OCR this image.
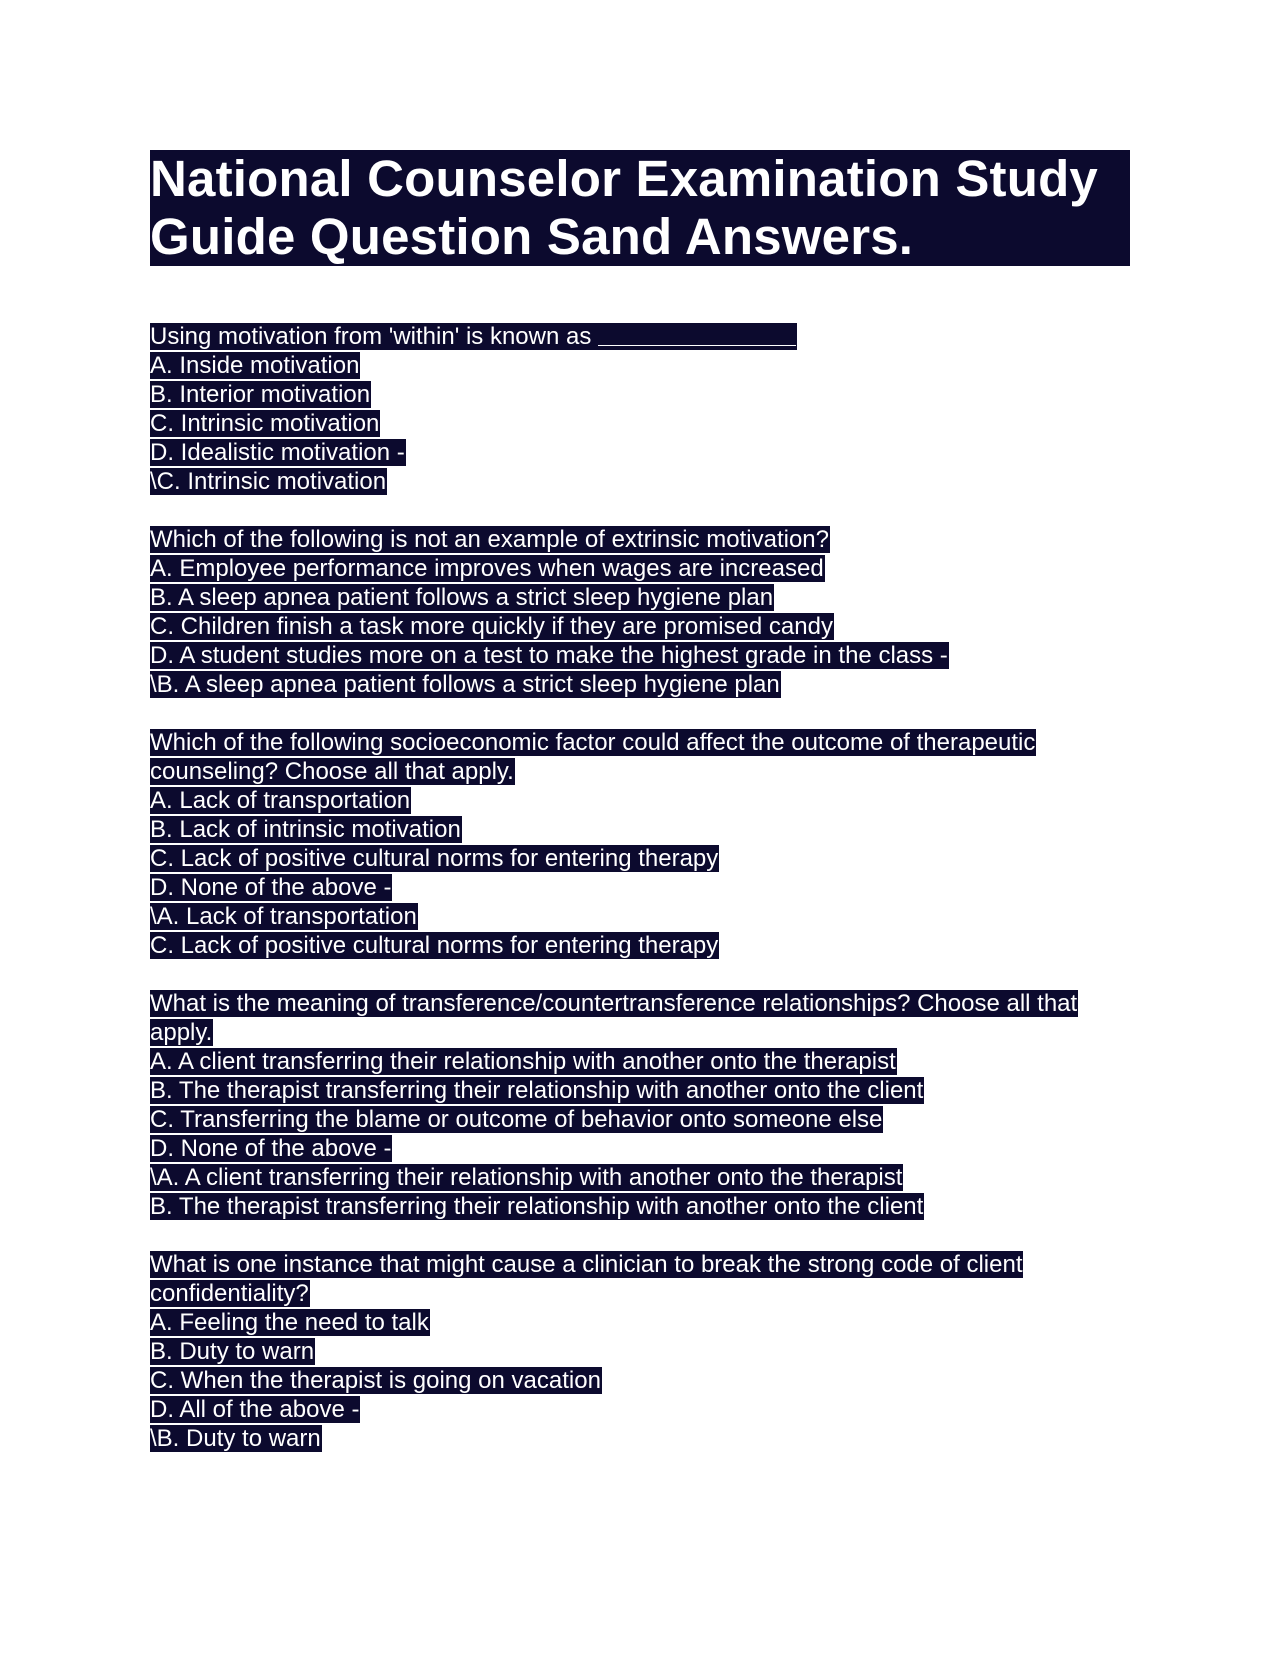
National Counselor Examination Study Guide Question Sand Answers.
Using motivation from 'within' is known as
A. Inside motivation
B. Interior motivation
C. Intrinsic motivation
D. Idealistic motivation -
\C. Intrinsic motivation
Which of the following is not an example of extrinsic motivation?
A. Employee performance improves when wages are increased
B. A sleep apnea patient follows a strict sleep hygiene plan
C. Children finish a task more quickly if they are promised candy
D. A student studies more on a test to make the highest grade in the class -
\B. A sleep apnea patient follows a strict sleep hygiene plan
Which of the following socioeconomic factor could affect the outcome of therapeutic counseling? Choose all that apply.
A. Lack of transportation
B. Lack of intrinsic motivation
C. Lack of positive cultural norms for entering therapy
D. None of the above -
\A. Lack of transportation
C. Lack of positive cultural norms for entering therapy
What is the meaning of transference/countertransference relationships? Choose all that apply.
A. A client transferring their relationship with another onto the therapist
B. The therapist transferring their relationship with another onto the client
C. Transferring the blame or outcome of behavior onto someone else
D. None of the above -
\A. A client transferring their relationship with another onto the therapist
B. The therapist transferring their relationship with another onto the client
What is one instance that might cause a clinician to break the strong code of client confidentiality?
A. Feeling the need to talk
B. Duty to warn
C. When the therapist is going on vacation
D. All of the above -
\B. Duty to warn
